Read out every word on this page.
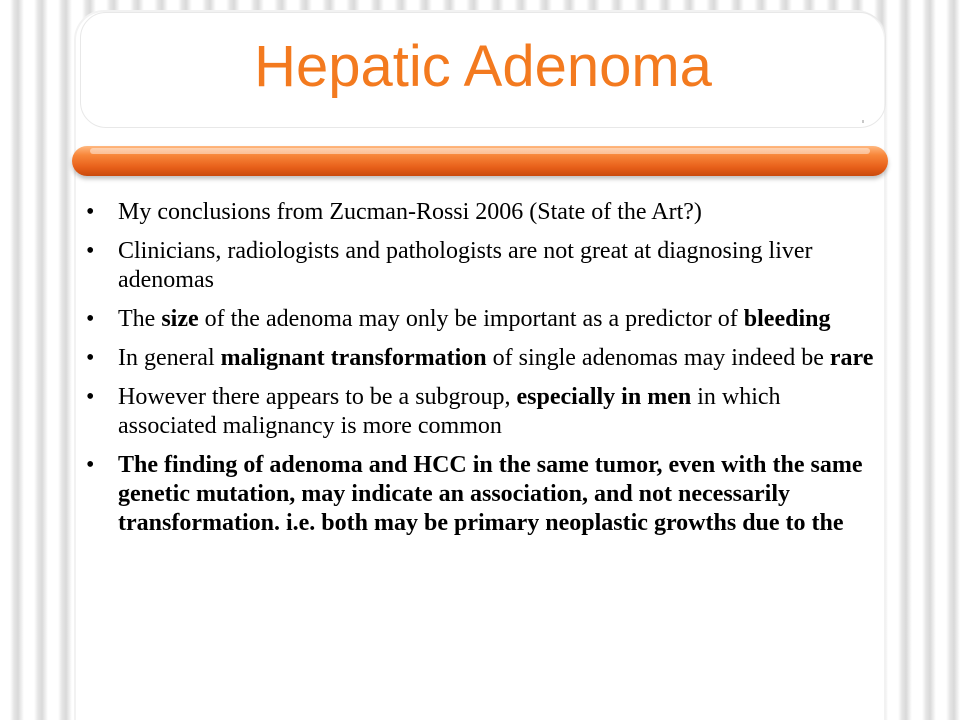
Hepatic Adenoma
• My conclusions from Zucman-Rossi 2006 (State of the Art?)
• Clinicians, radiologists and pathologists are not great at diagnosing liver adenomas
• The size of the adenoma may only be important as a predictor of bleeding
• In general malignant transformation of single adenomas may indeed be rare
• However there appears to be a subgroup, especially in men in which associated malignancy is more common
• The finding of adenoma and HCC in the same tumor, even with the same genetic mutation, may indicate an association, and not necessarily transformation. i.e. both may be primary neoplastic growths due to the
